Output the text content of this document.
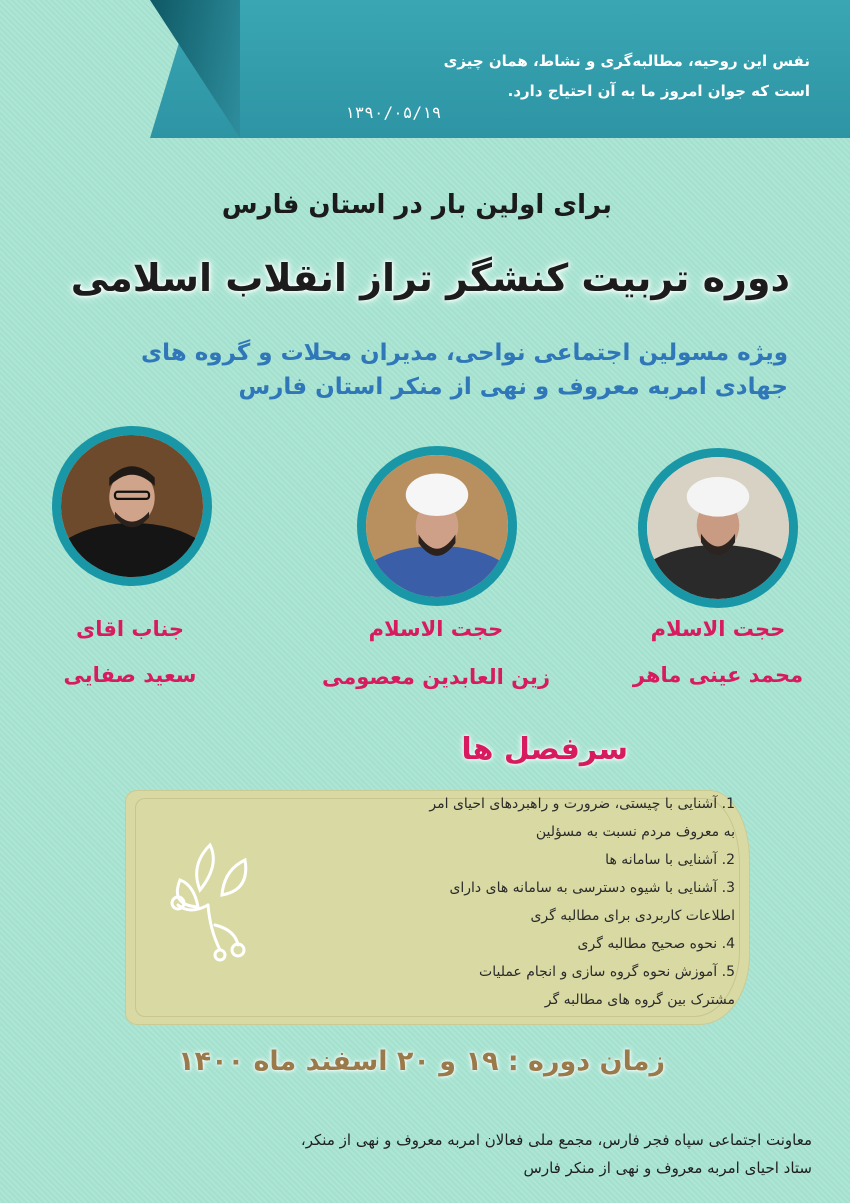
نفس این روحیه، مطالبه‌گری و نشاط، همان چیزی است که جوان امروز ما به آن احتیاج دارد.
۱۳۹۰/۰۵/۱۹
برای اولین بار در استان فارس
دوره تربیت کنشگر تراز انقلاب اسلامی
ویژه مسولین اجتماعی نواحی، مدیران محلات و گروه های جهادی امربه معروف و نهی از منکر استان فارس
حجت الاسلام
محمد عینی ماهر
حجت الاسلام
زین العابدین معصومی
جناب اقای
سعید صفایی
سرفصل ها
1. آشنایی با چیستی، ضرورت و راهبردهای احیای امر
به معروف مردم نسبت به مسؤلین
2. آشنایی با سامانه ها
3. آشنایی با شیوه دسترسی به سامانه های دارای
اطلاعات کاربردی برای مطالبه گری
4. نحوه صحیح مطالبه گری
5. آموزش نحوه گروه سازی و انجام عملیات
مشترک بین گروه های مطالبه گر
زمان دوره : ۱۹ و ۲۰ اسفند ماه ۱۴۰۰
معاونت اجتماعی سپاه فجر فارس، مجمع ملی فعالان امربه معروف و نهی از منکر،
ستاد احیای امربه معروف و نهی از منکر فارس
